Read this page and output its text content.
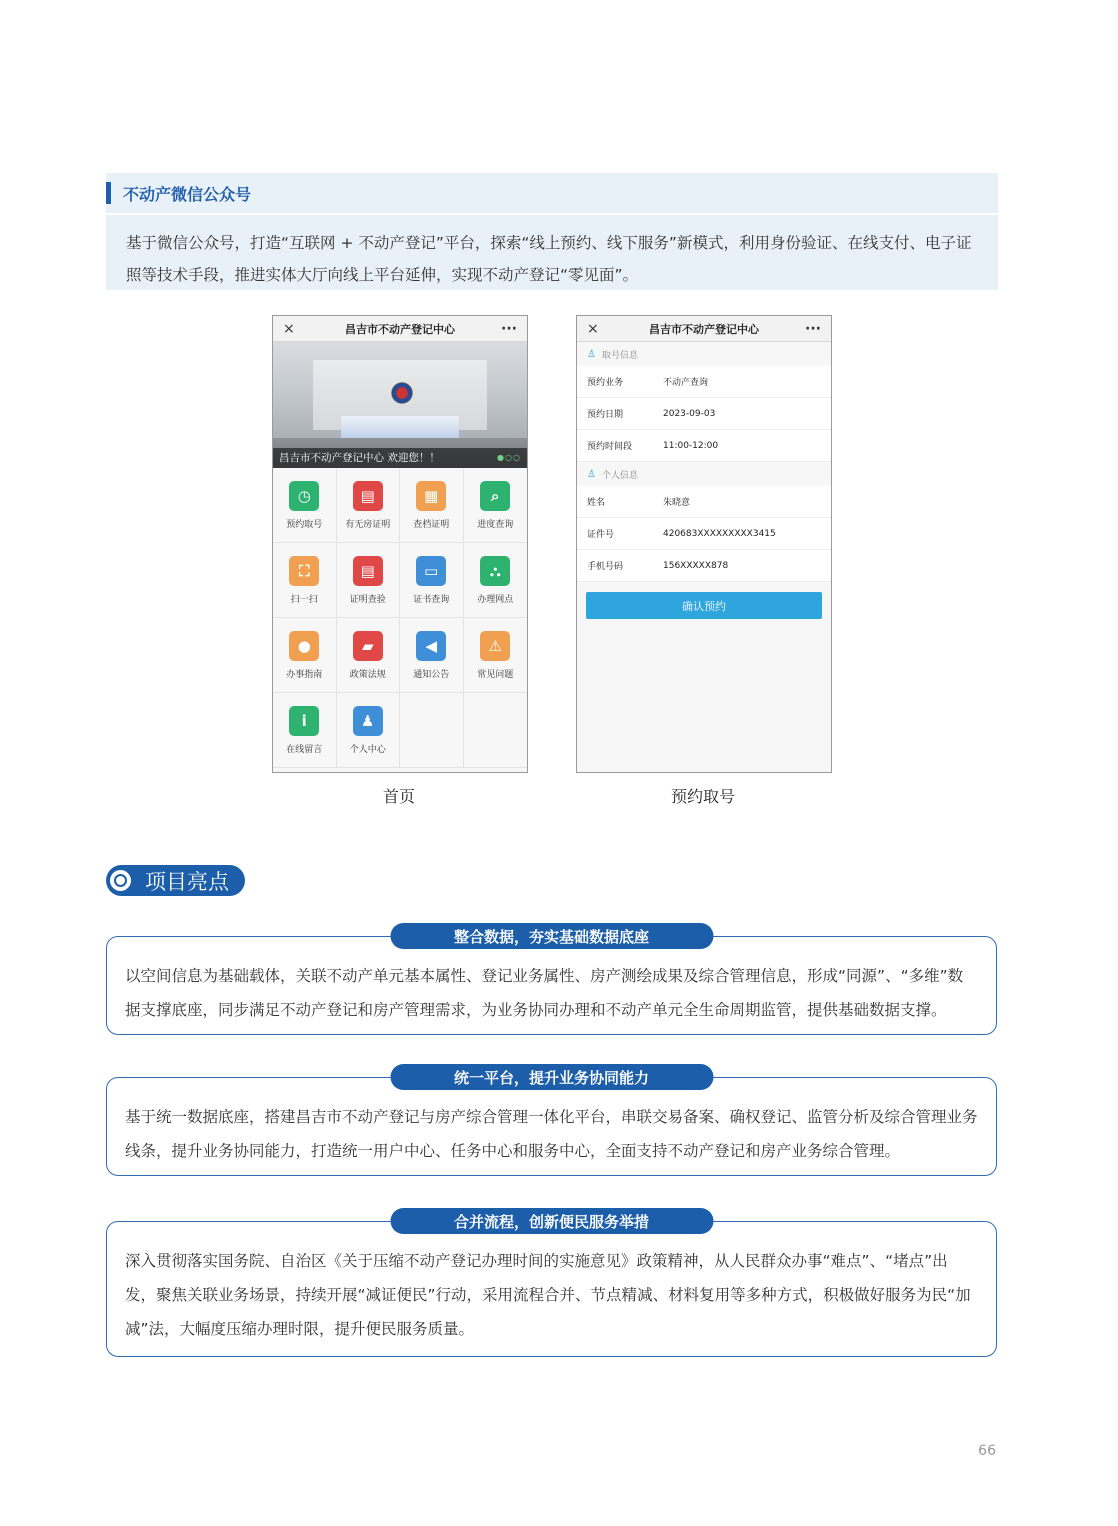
不动产微信公众号
基于微信公众号，打造“互联网 + 不动产登记”平台，探索“线上预约、线下服务”新模式，利用身份验证、在线支付、电子证照等技术手段，推进实体大厅向线上平台延伸，实现不动产登记“零见面”。
×	昌吉市不动产登记中心	···
昌吉市不动产登记中心 欢迎您！！	●○○
◷
预约取号
▤
有无房证明
▦
查档证明
⌕
进度查询
⛶
扫一扫
▤
证明查验
▭
证书查询
⛬
办理网点
●
办事指南
▰
政策法规
◀
通知公告
⚠
常见问题
i
在线留言
♟
个人中心
×	昌吉市不动产登记中心	···
♙ 取号信息
预约业务	不动产查询
预约日期	2023-09-03
预约时间段	11:00-12:00
♙ 个人信息
姓名	朱晓意
证件号	420683XXXXXXXXX3415
手机号码	156XXXXX878
确认预约
首页	预约取号
项目亮点
整合数据，夯实基础数据底座
以空间信息为基础载体，关联不动产单元基本属性、登记业务属性、房产测绘成果及综合管理信息，形成“同源”、“多维”数据支撑底座，同步满足不动产登记和房产管理需求，为业务协同办理和不动产单元全生命周期监管，提供基础数据支撑。
统一平台，提升业务协同能力
基于统一数据底座，搭建昌吉市不动产登记与房产综合管理一体化平台，串联交易备案、确权登记、监管分析及综合管理业务线条，提升业务协同能力，打造统一用户中心、任务中心和服务中心，全面支持不动产登记和房产业务综合管理。
合并流程，创新便民服务举措
深入贯彻落实国务院、自治区《关于压缩不动产登记办理时间的实施意见》政策精神，从人民群众办事“难点”、“堵点”出发，聚焦关联业务场景，持续开展“减证便民”行动，采用流程合并、节点精减、材料复用等多种方式，积极做好服务为民“加减”法，大幅度压缩办理时限，提升便民服务质量。
66
